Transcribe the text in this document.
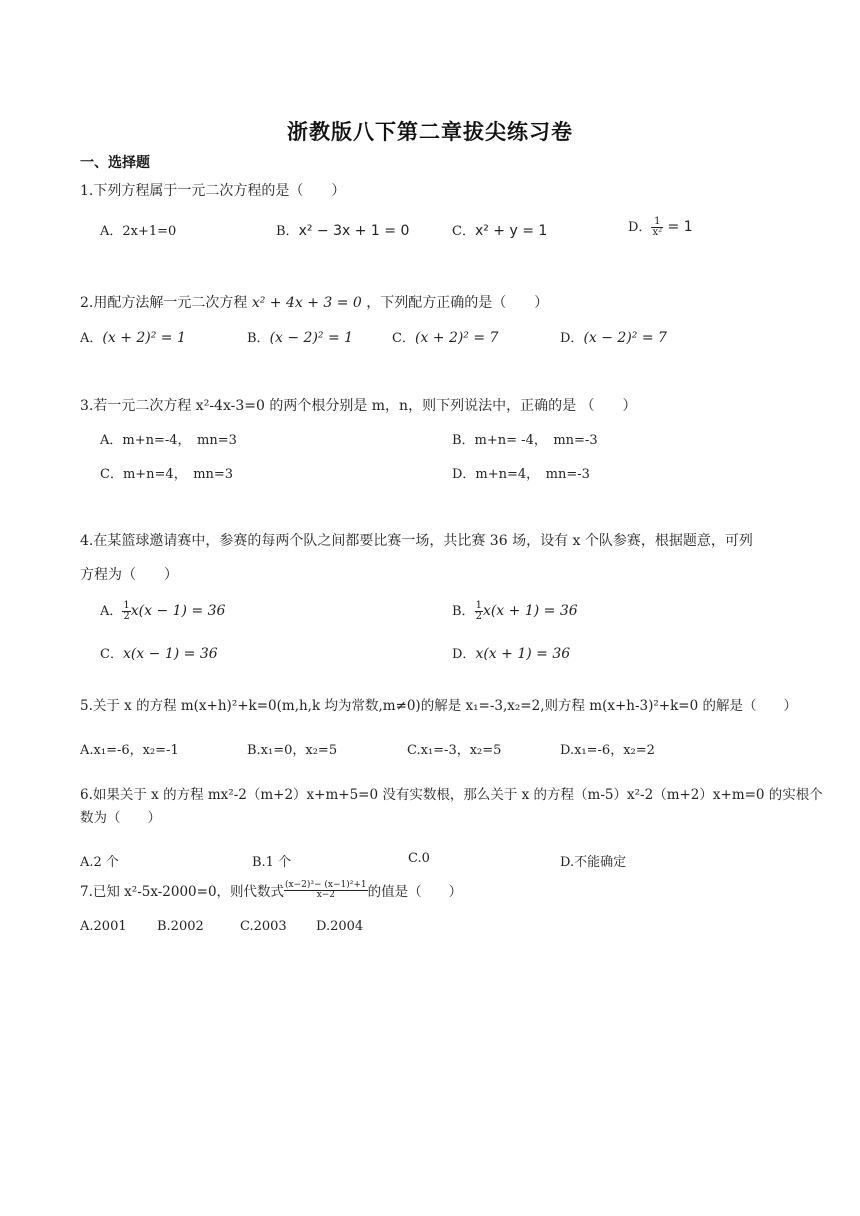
浙教版八下第二章拔尖练习卷
一、选择题
1.下列方程属于一元二次方程的是（　　）
A．2x+1=0	B．x² − 3x + 1 = 0	C．x² + y = 1	D． $\frac{1}{\text{x²}} = 1$
2.用配方法解一元二次方程 x² + 4x + 3 = 0 ，下列配方正确的是（　　）
A．(x + 2)² = 1	B．(x − 2)² = 1	C．(x + 2)² = 7	D．(x − 2)² = 7
3.若一元二次方程 x²-4x-3=0 的两个根分别是 m，n，则下列说法中，正确的是 （　　）
A．m+n=-4，　mn=3	B．m+n= -4，　mn=-3
C．m+n=4，　mn=3	D．m+n=4，　mn=-3
4.在某篮球邀请赛中，参赛的每两个队之间都要比赛一场，共比赛 36 场，设有 x 个队参赛，根据题意，可列
方程为（　　）
A． $\frac{1}{2} x(x - 1) = 36$	B． $\frac{1}{2} x(x + 1) = 36$
C．x(x − 1) = 36	D．x(x + 1) = 36
5.关于 x 的方程 m(x+h)²+k=0(m,h,k 均为常数,m≠0)的解是 x₁=-3,x₂=2,则方程 m(x+h-3)²+k=0 的解是（　　）
A.x₁=-6，x₂=-1	B.x₁=0，x₂=5	C.x₁=-3，x₂=5	D.x₁=-6，x₂=2
6.如果关于 x 的方程 mx²-2（m+2）x+m+5=0 没有实数根，那么关于 x 的方程（m-5）x²-2（m+2）x+m=0 的实根个
数为（　　）
A.2 个	B.1 个	C.0	D.不能确定
7.已知 x²-5x-2000=0，则代数式 $\frac{\text{(x−2)³− (x−1)²+1}}{x-2}$ 的值是（　　）
A.2001 B.2002	C.2003 D.2004
